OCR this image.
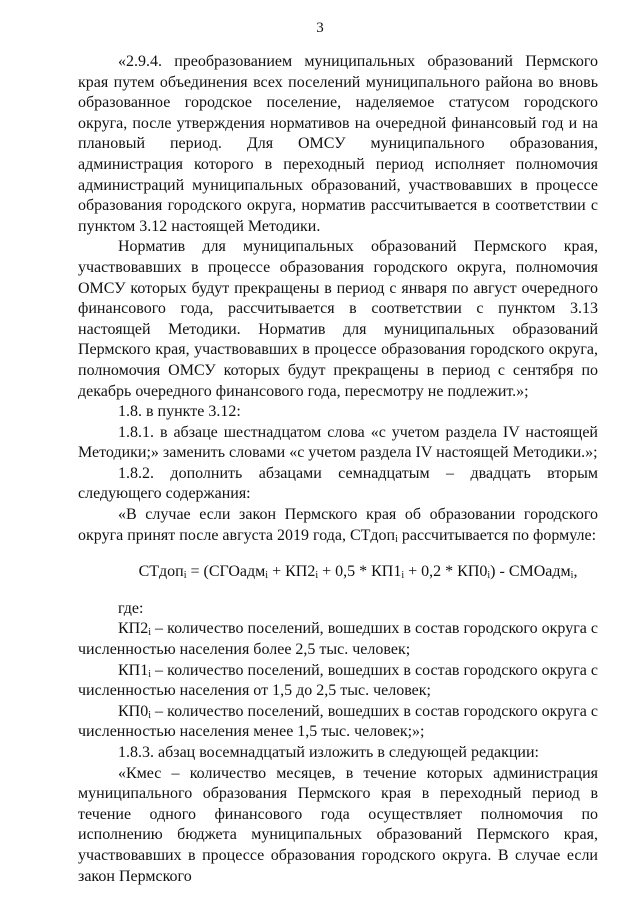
3

«2.9.4. преобразованием муниципальных образований Пермского края путем объединения всех поселений муниципального района во вновь образованное городское поселение, наделяемое статусом городского округа, после утверждения нормативов на очередной финансовый год и на плановый период. Для ОМСУ муниципального образования, администрация которого в переходный период исполняет полномочия администраций муниципальных образований, участвовавших в процессе образования городского округа, норматив рассчитывается в соответствии с пунктом 3.12 настоящей Методики.

Норматив для муниципальных образований Пермского края, участвовавших в процессе образования городского округа, полномочия ОМСУ которых будут прекращены в период с января по август очередного финансового года, рассчитывается в соответствии с пунктом 3.13 настоящей Методики. Норматив для муниципальных образований Пермского края, участвовавших в процессе образования городского округа, полномочия ОМСУ которых будут прекращены в период с сентября по декабрь очередного финансового года, пересмотру не подлежит.»;

1.8. в пункте 3.12:

1.8.1. в абзаце шестнадцатом слова «с учетом раздела IV настоящей Методики;» заменить словами «с учетом раздела IV настоящей Методики.»;

1.8.2. дополнить абзацами семнадцатым – двадцать вторым следующего содержания:

«В случае если закон Пермского края об образовании городского округа принят после августа 2019 года, СТдоп$_i$ рассчитывается по формуле:

СТдоп$_i$ = (СГОадм$_i$ + $КП2_i + 0,5 * КП1_i + 0,2 * КП0_i$) - СМОадм$_i$,

где:

$КП2_i$ – количество поселений, вошедших в состав городского округа с численностью населения более 2,5 тыс. человек;

$КП1_i$ – количество поселений, вошедших в состав городского округа с численностью населения от 1,5 до 2,5 тыс. человек;

$КП0_i$ – количество поселений, вошедших в состав городского округа с численностью населения менее 1,5 тыс. человек;»;

1.8.3. абзац восемнадцатый изложить в следующей редакции:

«Кмес – количество месяцев, в течение которых администрация муниципального образования Пермского края в переходный период в течение одного финансового года осуществляет полномочия по исполнению бюджета муниципальных образований Пермского края, участвовавших в процессе образования городского округа. В случае если закон Пермского
